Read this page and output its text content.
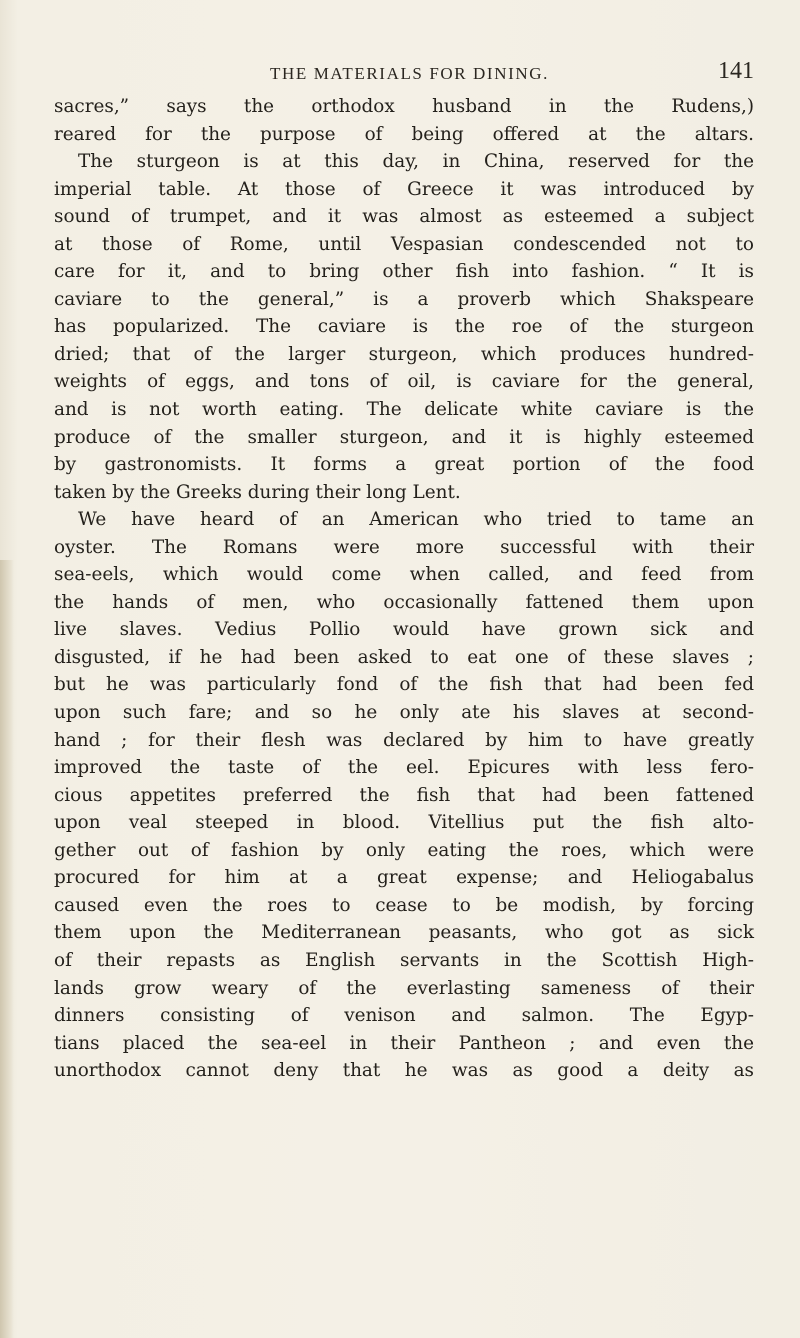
THE MATERIALS FOR DINING.	141
sacres,” says the orthodox husband in the Rudens,)
reared for the purpose of being offered at the altars.
The sturgeon is at this day, in China, reserved for the
imperial table. At those of Greece it was introduced by
sound of trumpet, and it was almost as esteemed a subject
at those of Rome, until Vespasian condescended not to
care for it, and to bring other fish into fashion. “ It is
caviare to the general,” is a proverb which Shakspeare
has popularized. The caviare is the roe of the sturgeon
dried; that of the larger sturgeon, which produces hundred-
weights of eggs, and tons of oil, is caviare for the general,
and is not worth eating. The delicate white caviare is the
produce of the smaller sturgeon, and it is highly esteemed
by gastronomists. It forms a great portion of the food
taken by the Greeks during their long Lent.
We have heard of an American who tried to tame an
oyster. The Romans were more successful with their
sea-eels, which would come when called, and feed from
the hands of men, who occasionally fattened them upon
live slaves. Vedius Pollio would have grown sick and
disgusted, if he had been asked to eat one of these slaves ;
but he was particularly fond of the fish that had been fed
upon such fare; and so he only ate his slaves at second-
hand ; for their flesh was declared by him to have greatly
improved the taste of the eel. Epicures with less fero-
cious appetites preferred the fish that had been fattened
upon veal steeped in blood. Vitellius put the fish alto-
gether out of fashion by only eating the roes, which were
procured for him at a great expense; and Heliogabalus
caused even the roes to cease to be modish, by forcing
them upon the Mediterranean peasants, who got as sick
of their repasts as English servants in the Scottish High-
lands grow weary of the everlasting sameness of their
dinners consisting of venison and salmon. The Egyp-
tians placed the sea-eel in their Pantheon ; and even the
unorthodox cannot deny that he was as good a deity as
